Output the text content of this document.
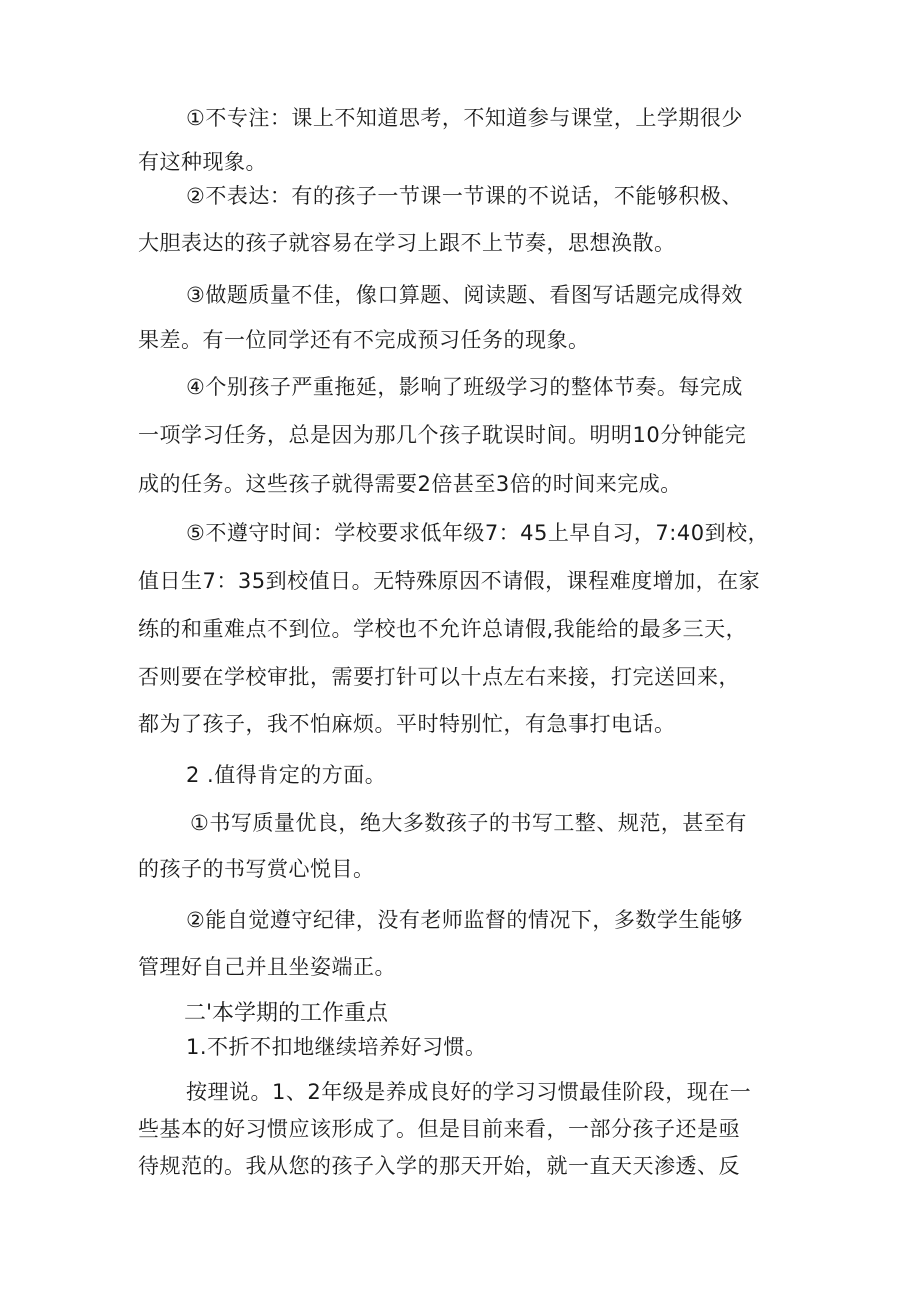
①不专注：课上不知道思考，不知道参与课堂，上学期很少
有这种现象。
②不表达：有的孩子一节课一节课的不说话，不能够积极、
大胆表达的孩子就容易在学习上跟不上节奏，思想涣散。
③做题质量不佳，像口算题、阅读题、看图写话题完成得效
果差。有一位同学还有不完成预习任务的现象。
④个别孩子严重拖延，影响了班级学习的整体节奏。每完成
一项学习任务，总是因为那几个孩子耽误时间。明明10分钟能完
成的任务。这些孩子就得需要2倍甚至3倍的时间来完成。
⑤不遵守时间：学校要求低年级7：45上早自习，7:40到校，
值日生7：35到校值日。无特殊原因不请假，课程难度增加，在家
练的和重难点不到位。学校也不允许总请假,我能给的最多三天，
否则要在学校审批，需要打针可以十点左右来接，打完送回来，
都为了孩子，我不怕麻烦。平时特别忙，有急事打电话。
2 .值得肯定的方面。
①书写质量优良，绝大多数孩子的书写工整、规范，甚至有
的孩子的书写赏心悦目。
②能自觉遵守纪律，没有老师监督的情况下，多数学生能够
管理好自己并且坐姿端正。
二'本学期的工作重点
1.不折不扣地继续培养好习惯。
按理说。1、2年级是养成良好的学习习惯最佳阶段，现在一
些基本的好习惯应该形成了。但是目前来看，一部分孩子还是亟
待规范的。我从您的孩子入学的那天开始，就一直天天渗透、反
